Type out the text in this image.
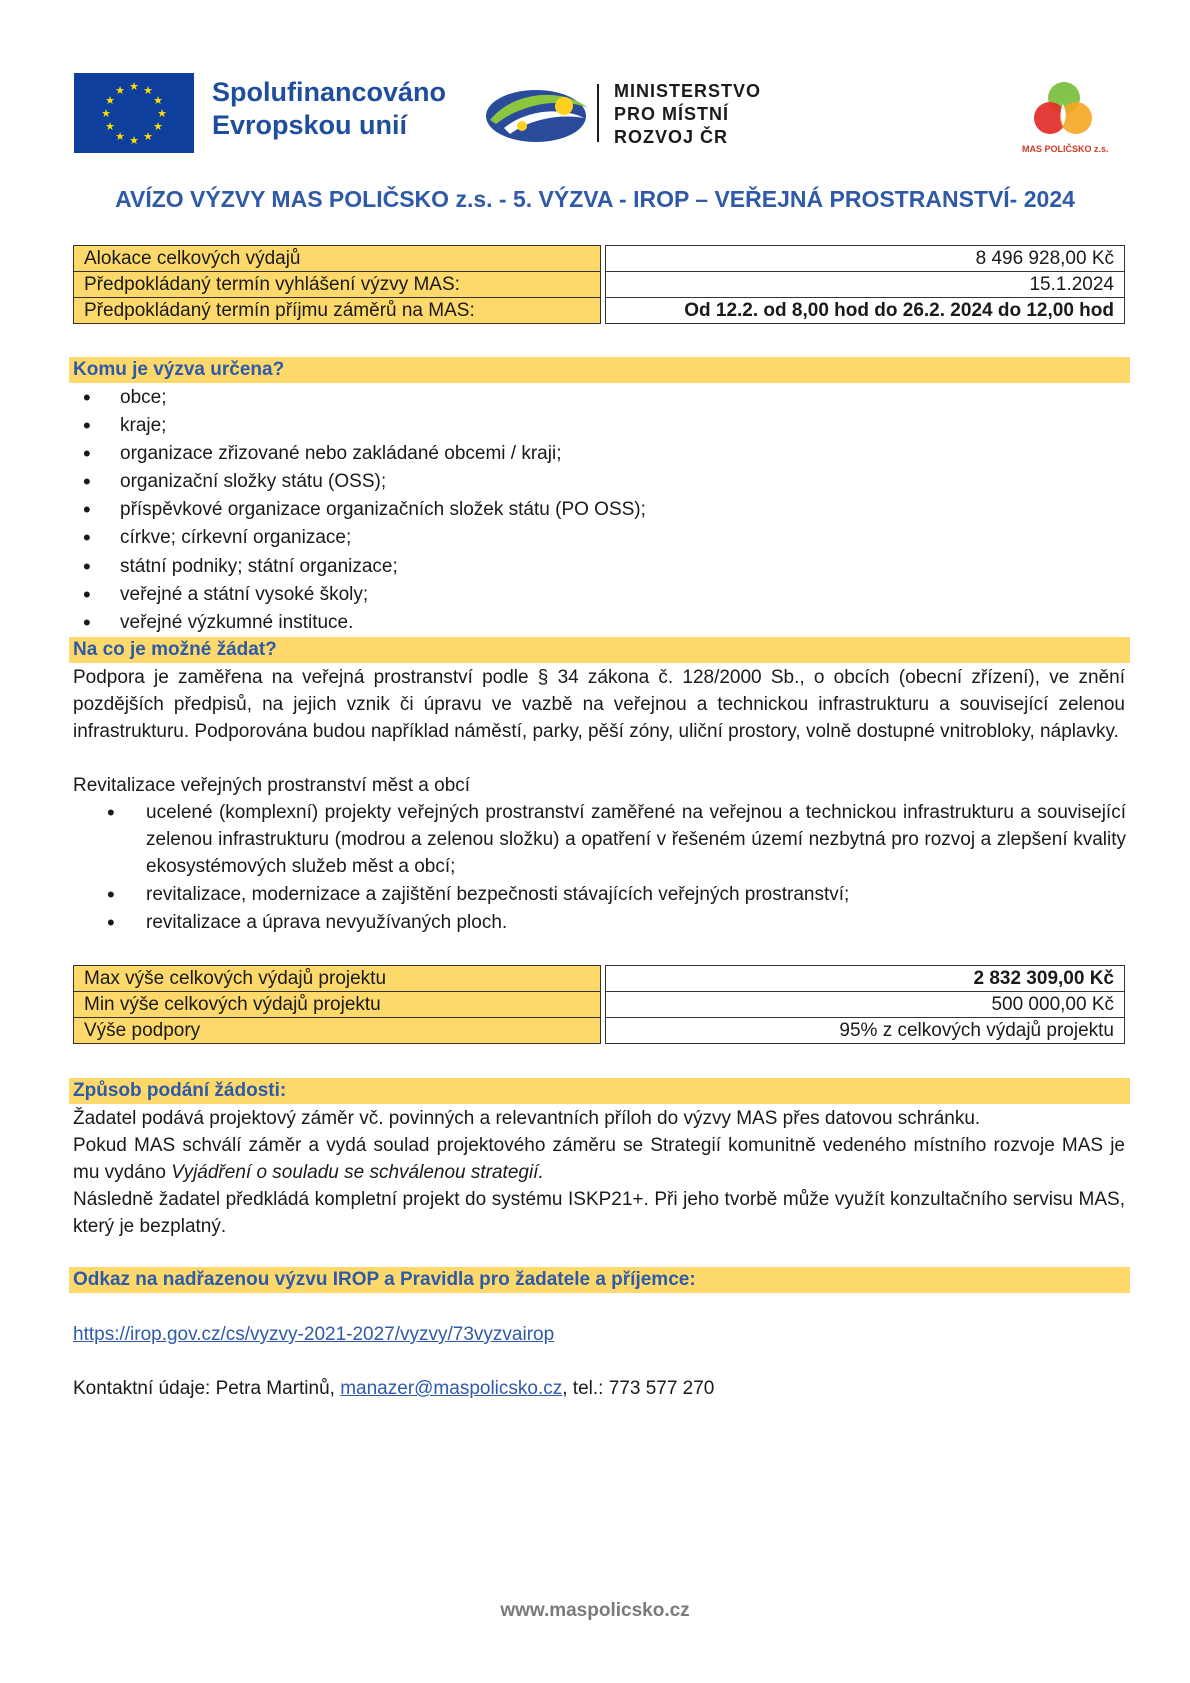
★ ★
★
★
★
★
★
★
★
★
★
★	Spolufinancováno
Evropskou unií
MINISTERSTVO
PRO MÍSTNÍ
ROZVOJ ČR
MAS POLIČSKO z.s.
AVÍZO VÝZVY MAS POLIČSKO z.s. - 5. VÝZVA - IROP – VEŘEJNÁ PROSTRANSTVÍ- 2024
Alokace celkových výdajů		8 496 928,00 Kč
Předpokládaný termín vyhlášení výzvy MAS:		15.1.2024
Předpokládaný termín příjmu záměrů na MAS:		Od 12.2. od 8,00 hod do 26.2. 2024 do 12,00 hod
Komu je výzva určena?
• obce;
• kraje;
• organizace zřizované nebo zakládané obcemi / kraji;
• organizační složky státu (OSS);
• příspěvkové organizace organizačních složek státu (PO OSS);
• církve; církevní organizace;
• státní podniky; státní organizace;
• veřejné a státní vysoké školy;
• veřejné výzkumné instituce.
Na co je možné žádat?
Podpora je zaměřena na veřejná prostranství podle § 34 zákona č. 128/2000 Sb., o obcích (obecní zřízení), ve znění pozdějších předpisů, na jejich vznik či úpravu ve vazbě na veřejnou a technickou infrastrukturu a související zelenou infrastrukturu. Podporována budou například náměstí, parky, pěší zóny, uliční prostory, volně dostupné vnitrobloky, náplavky.
Revitalizace veřejných prostranství měst a obcí
• ucelené (komplexní) projekty veřejných prostranství zaměřené na veřejnou a technickou infrastrukturu a související zelenou infrastrukturu (modrou a zelenou složku) a opatření v řešeném území nezbytná pro rozvoj a zlepšení kvality ekosystémových služeb měst a obcí;
• revitalizace, modernizace a zajištění bezpečnosti stávajících veřejných prostranství;
• revitalizace a úprava nevyužívaných ploch.
Max výše celkových výdajů projektu		2 832 309,00 Kč
Min výše celkových výdajů projektu		500 000,00 Kč
Výše podpory		95% z celkových výdajů projektu
Způsob podání žádosti:
Žadatel podává projektový záměr vč. povinných a relevantních příloh do výzvy MAS přes datovou schránku.
Pokud MAS schválí záměr a vydá soulad projektového záměru se Strategií komunitně vedeného místního rozvoje MAS je mu vydáno Vyjádření o souladu se schválenou strategií.
Následně žadatel předkládá kompletní projekt do systému ISKP21+. Při jeho tvorbě může využít konzultačního servisu MAS, který je bezplatný.
Odkaz na nadřazenou výzvu IROP a Pravidla pro žadatele a příjemce:
https://irop.gov.cz/cs/vyzvy-2021-2027/vyzvy/73vyzvairop
Kontaktní údaje: Petra Martinů, manazer@maspolicsko.cz, tel.: 773 577 270
www.maspolicsko.cz
